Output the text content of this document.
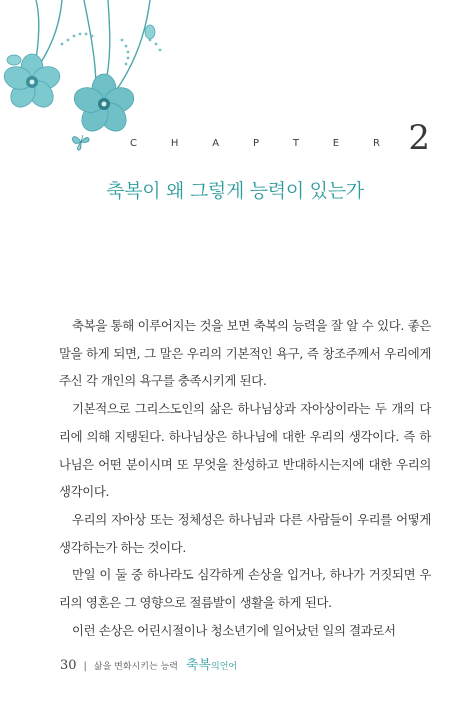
C	H	A	P	T	E	R 2
축복이 왜 그렇게 능력이 있는가

축복을 통해 이루어지는 것을 보면 축복의 능력을 잘 알 수 있다. 좋은 말을 하게 되면, 그 말은 우리의 기본적인 욕구, 즉 창조주께서 우리에게 주신 각 개인의 욕구를 충족시키게 된다.

기본적으로 그리스도인의 삶은 하나님상과 자아상이라는 두 개의 다리에 의해 지탱된다. 하나님상은 하나님에 대한 우리의 생각이다. 즉 하나님은 어떤 분이시며 또 무엇을 찬성하고 반대하시는지에 대한 우리의 생각이다.

우리의 자아상 또는 정체성은 하나님과 다른 사람들이 우리를 어떻게 생각하는가 하는 것이다.

만일 이 둘 중 하나라도 심각하게 손상을 입거나, 하나가 거짓되면 우리의 영혼은 그 영향으로 절름발이 생활을 하게 된다.

이런 손상은 어린시절이나 청소년기에 일어났던 일의 결과로서

30 | 삶을 변화시키는 능력 축복의언어
